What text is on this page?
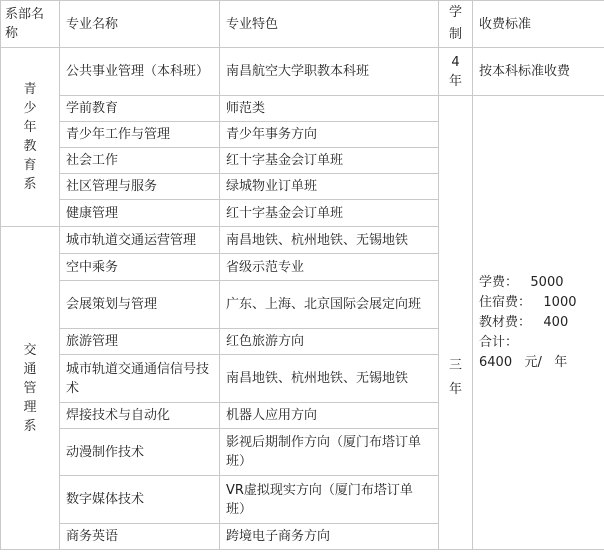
系部名称	专业名称	专业特色	学制	收费标准
青少年教育系	公共事业管理（本科班）	南昌航空大学职教本科班	4年	按本科标准收费
	学前教育	师范类	三年	学费：   5000
住宿费：   1000
教材费：   400
合计：
6400   元/   年

	青少年工作与管理	青少年事务方向		
	社会工作	红十字基金会订单班		
	社区管理与服务	绿城物业订单班		
	健康管理	红十字基金会订单班		
交通管理系	城市轨道交通运营管理	南昌地铁、杭州地铁、无锡地铁		
	空中乘务	省级示范专业		
	会展策划与管理	广东、上海、北京国际会展定向班		
	旅游管理	红色旅游方向		
	城市轨道交通通信信号技术	南昌地铁、杭州地铁、无锡地铁		
	焊接技术与自动化	机器人应用方向		
	动漫制作技术	影视后期制作方向（厦门布塔订单班）		
	数字媒体技术	VR虚拟现实方向（厦门布塔订单班）		
	商务英语	跨境电子商务方向		
